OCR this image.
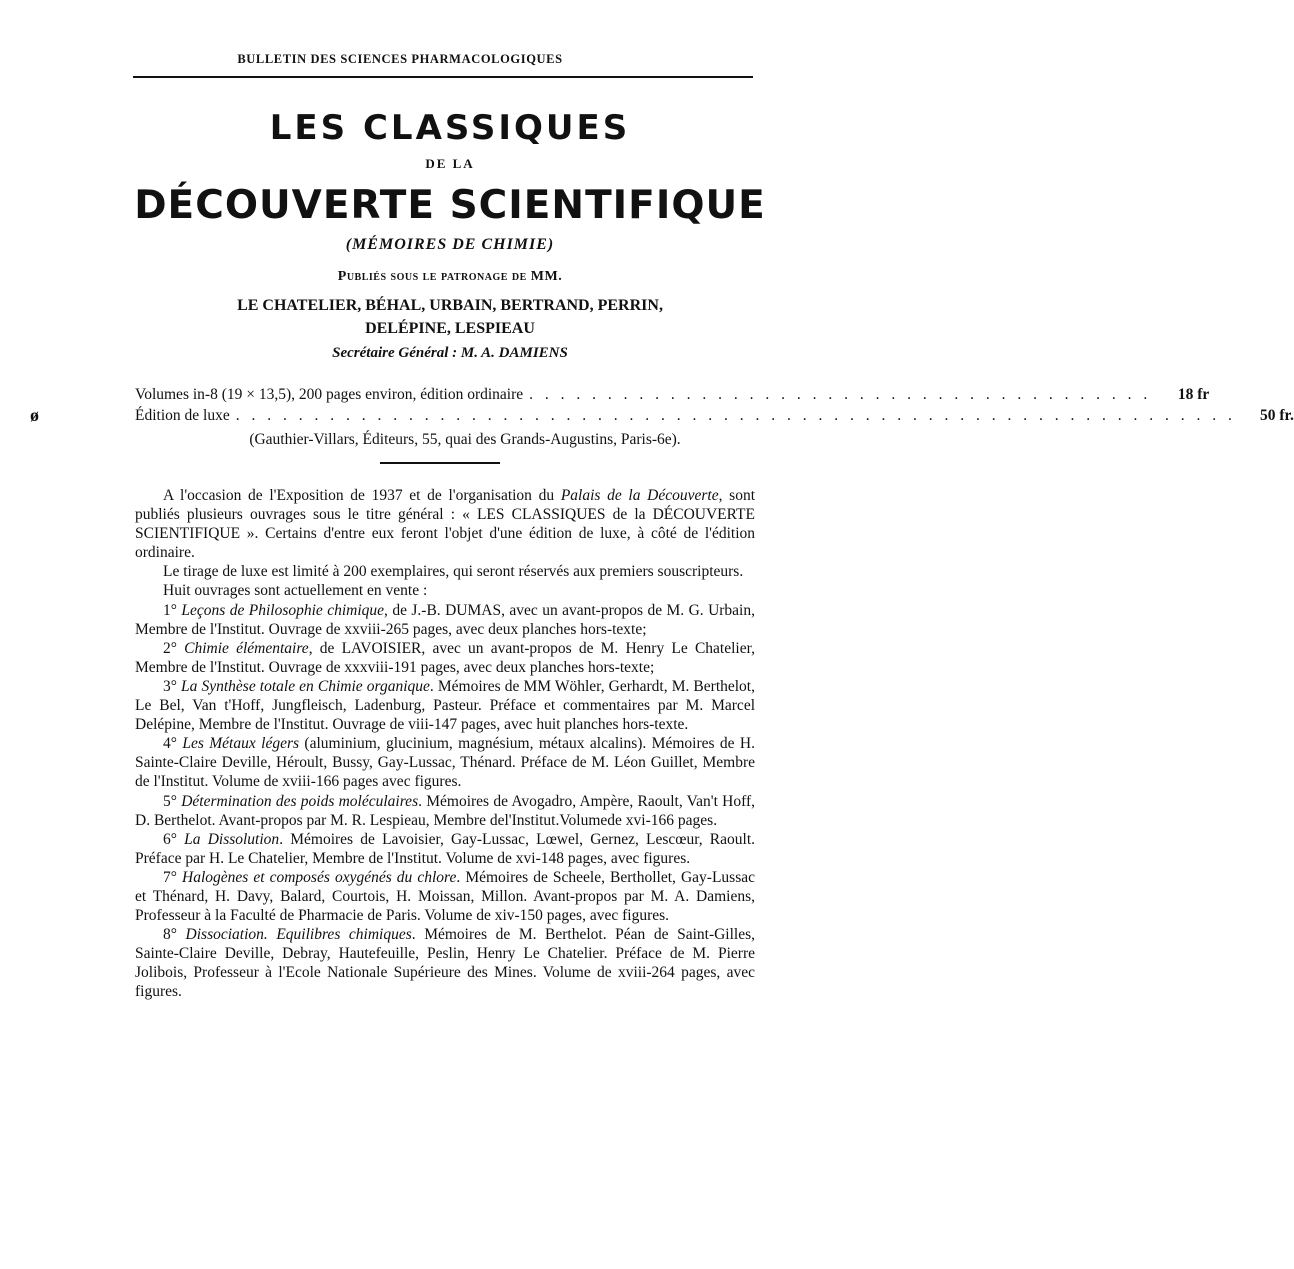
BULLETIN DES SCIENCES PHARMACOLOGIQUES
LES CLASSIQUES
DE LA
DÉCOUVERTE SCIENTIFIQUE
(MÉMOIRES DE CHIMIE)
Publiés sous le patronage de MM.
LE CHATELIER, BÉHAL, URBAIN, BERTRAND, PERRIN,
DELÉPINE, LESPIEAU
Secrétaire Général : M. A. DAMIENS
ø
Volumes in-8 (19 × 13,5), 200 pages environ, édition ordinaire . . . . . . . . . . . . . . . . . . . . . . . . . . . . . . . . . . . . . . . .	18 fr
Édition de luxe . . . . . . . . . . . . . . . . . . . . . . . . . . . . . . . . . . . . . . . . . . . . . . . . . . . . . . . . . . . . . . . .	50 fr.
(Gauthier-Villars, Éditeurs, 55, quai des Grands-Augustins, Paris-6e).

A l'occasion de l'Exposition de 1937 et de l'organisation du Palais de la Découverte, sont publiés plusieurs ouvrages sous le titre général : « LES CLASSIQUES de la DÉCOUVERTE SCIENTIFIQUE ». Certains d'entre eux feront l'objet d'une édition de luxe, à côté de l'édition ordinaire.

Le tirage de luxe est limité à 200 exemplaires, qui seront réservés aux premiers souscripteurs.

Huit ouvrages sont actuellement en vente :

1° Leçons de Philosophie chimique, de J.-B. DUMAS, avec un avant-propos de M. G. Urbain, Membre de l'Institut. Ouvrage de xxviii-265 pages, avec deux planches hors-texte;

2° Chimie élémentaire, de LAVOISIER, avec un avant-propos de M. Henry Le Chatelier, Membre de l'Institut. Ouvrage de xxxviii-191 pages, avec deux planches hors-texte;

3° La Synthèse totale en Chimie organique. Mémoires de MM Wöhler, Gerhardt, M. Berthelot, Le Bel, Van t'Hoff, Jungfleisch, Ladenburg, Pasteur. Préface et commentaires par M. Marcel Delépine, Membre de l'Institut. Ouvrage de viii-147 pages, avec huit planches hors-texte.

4° Les Métaux légers (aluminium, glucinium, magnésium, métaux alcalins). Mémoires de H. Sainte-Claire Deville, Héroult, Bussy, Gay-Lussac, Thénard. Préface de M. Léon Guillet, Membre de l'Institut. Volume de xviii-166 pages avec figures.

5° Détermination des poids moléculaires. Mémoires de Avogadro, Ampère, Raoult, Van't Hoff, D. Berthelot. Avant-propos par M. R. Lespieau, Membre del'Institut.Volumede xvi-166 pages.

6° La Dissolution. Mémoires de Lavoisier, Gay-Lussac, Lœwel, Gernez, Lescœur, Raoult. Préface par H. Le Chatelier, Membre de l'Institut. Volume de xvi-148 pages, avec figures.

7° Halogènes et composés oxygénés du chlore. Mémoires de Scheele, Berthollet, Gay-Lussac et Thénard, H. Davy, Balard, Courtois, H. Moissan, Millon. Avant-propos par M. A. Damiens, Professeur à la Faculté de Pharmacie de Paris. Volume de xiv-150 pages, avec figures.

8° Dissociation. Equilibres chimiques. Mémoires de M. Berthelot. Péan de Saint-Gilles, Sainte-Claire Deville, Debray, Hautefeuille, Peslin, Henry Le Chatelier. Préface de M. Pierre Jolibois, Professeur à l'Ecole Nationale Supérieure des Mines. Volume de xviii-264 pages, avec figures.
